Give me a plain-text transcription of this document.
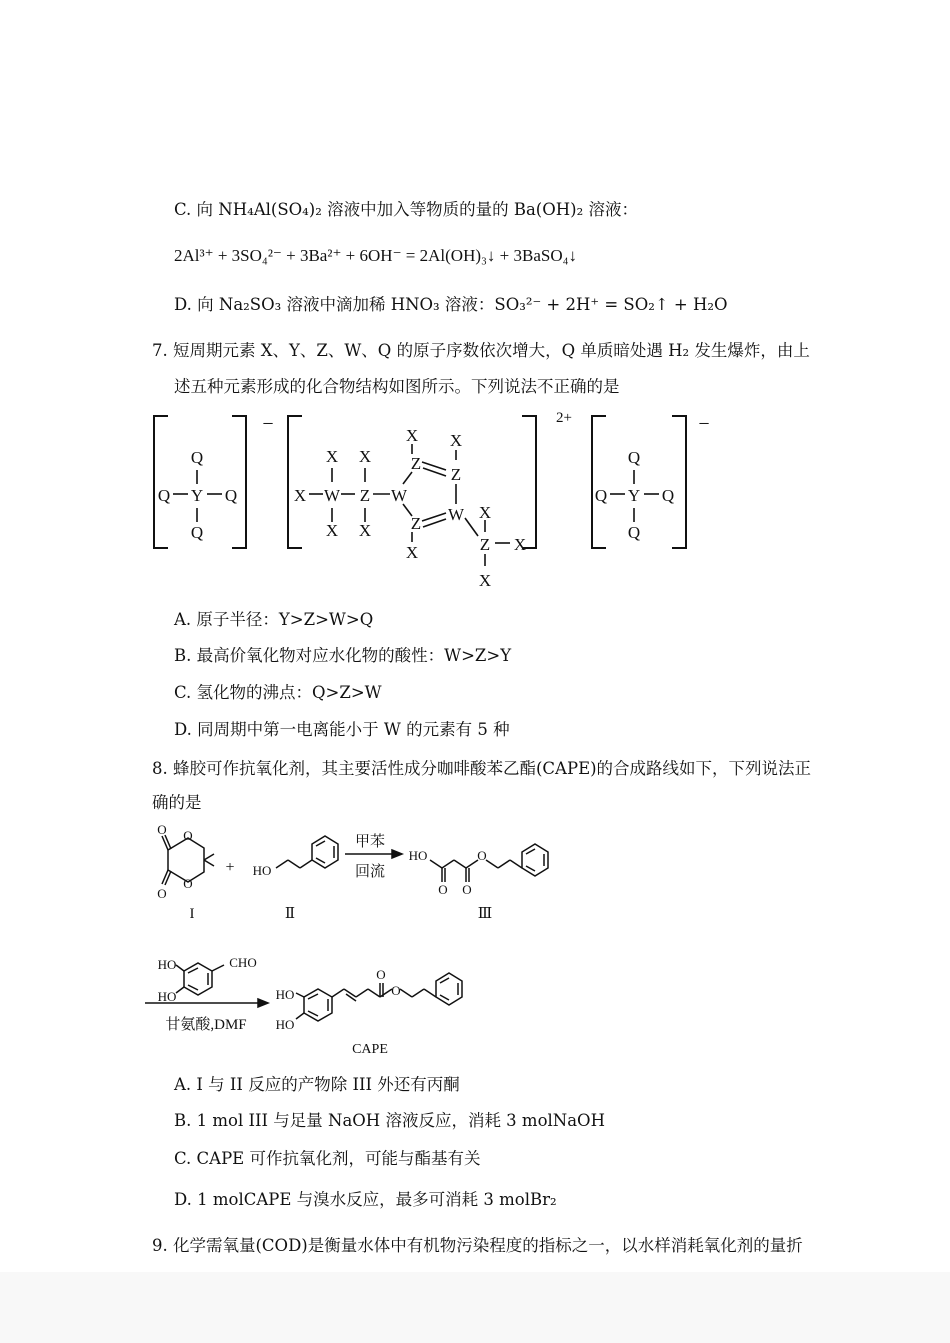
C. 向 NH₄Al(SO₄)₂ 溶液中加入等物质的量的 Ba(OH)₂ 溶液：
2Al³⁺ + 3SO₄²⁻ + 3Ba²⁺ + 6OH⁻ = 2Al(OH)₃↓ + 3BaSO₄↓
D. 向 Na₂SO₃ 溶液中滴加稀 HNO₃ 溶液：SO₃²⁻ + 2H⁺ = SO₂↑ + H₂O
7. 短周期元素 X、Y、Z、W、Q 的原子序数依次增大，Q 单质暗处遇 H₂ 发生爆炸，由上
述五种元素形成的化合物结构如图所示。下列说法不正确的是
Q
Q Y Q
Q
Q
Q Y Q
Q
X W
X X
X X
Z W
X X
Z
Z
Z W
X
X
Z X
X
−	2+	−
A. 原子半径：Y>Z>W>Q
B. 最高价氧化物对应水化物的酸性：W>Z>Y
C. 氢化物的沸点：Q>Z>W
D. 同周期中第一电离能小于 W 的元素有 5 种
8. 蜂胶可作抗氧化剂，其主要活性成分咖啡酸苯乙酯(CAPE)的合成路线如下，下列说法正
确的是
O
O
O
O
+ HO
甲苯
回流
HO
O O
O
I	Ⅱ	Ⅲ
HO
HO
CHO
甘氨酸,DMF
HO
HO
O
O
CAPE
A. I 与 II 反应的产物除 III 外还有丙酮
B. 1 mol III 与足量 NaOH 溶液反应，消耗 3 molNaOH
C. CAPE 可作抗氧化剂，可能与酯基有关
D. 1 molCAPE 与溴水反应，最多可消耗 3 molBr₂
9. 化学需氧量(COD)是衡量水体中有机物污染程度的指标之一，以水样消耗氧化剂的量折
